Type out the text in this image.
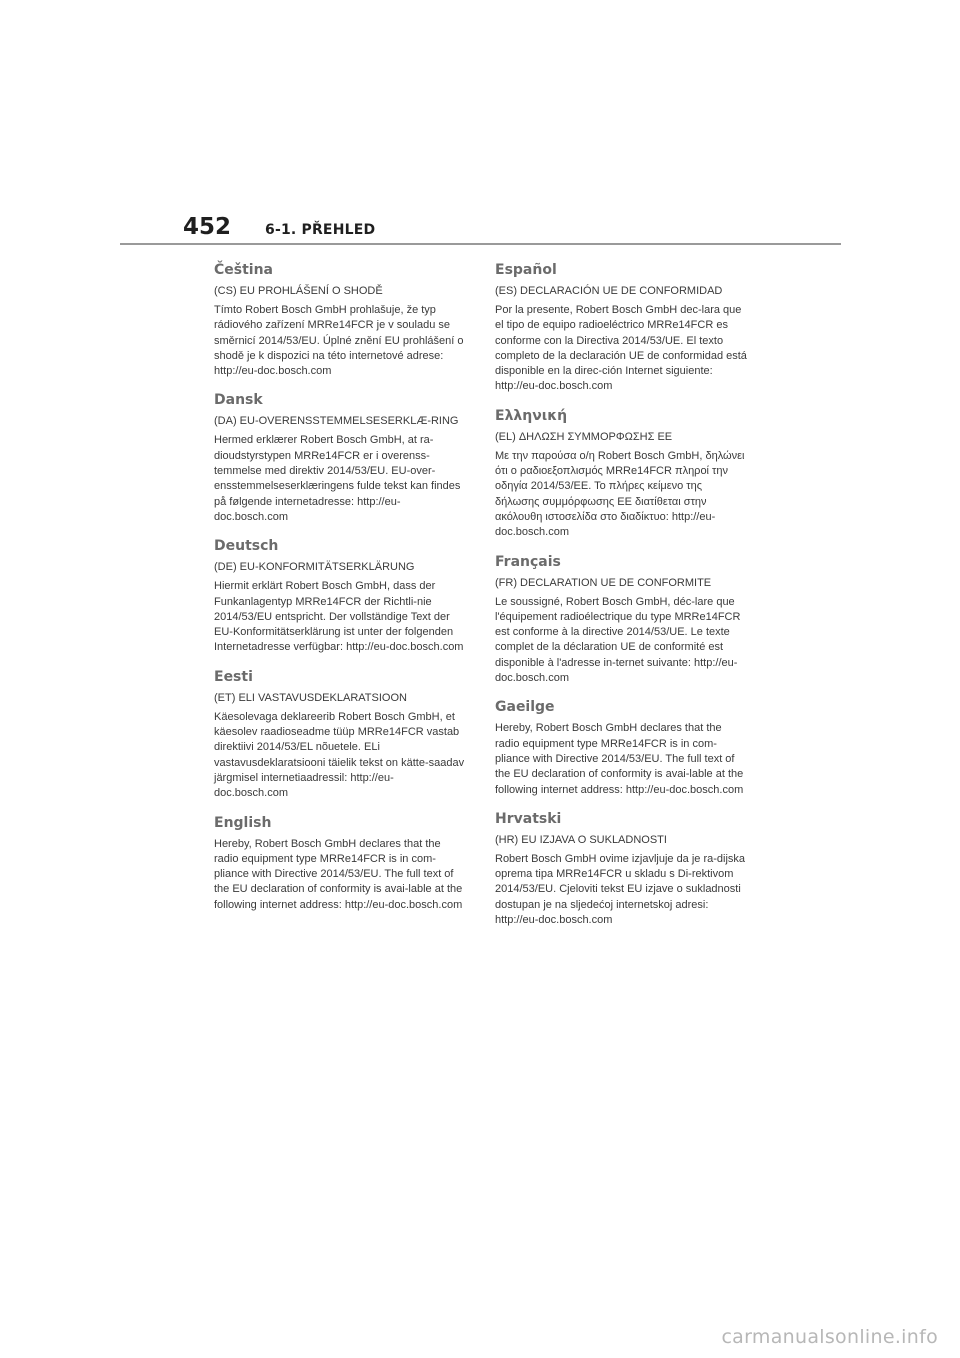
452	6-1. PŘEHLED
Čeština

(CS) EU PROHLÁŠENÍ O SHODĚ

Tímto Robert Bosch GmbH prohlašuje, že typ rádiového zařízení MRRe14FCR je v souladu se směrnicí 2014/53/EU. Úplné znění EU prohlášení o shodě je k dispozici na této internetové adrese: http://eu-doc.bosch.com

Dansk

(DA) EU-OVERENSSTEMMELSESERKLÆ-RING

Hermed erklærer Robert Bosch GmbH, at ra-dioudstyrstypen MRRe14FCR er i overenss-temmelse med direktiv 2014/53/EU. EU-over-ensstemmelseserklæringens fulde tekst kan findes på følgende internetadresse: http://eu-doc.bosch.com

Deutsch

(DE) EU-KONFORMITÄTSERKLÄRUNG

Hiermit erklärt Robert Bosch GmbH, dass der Funkanlagentyp MRRe14FCR der Richtli-nie 2014/53/EU entspricht. Der vollständige Text der EU-Konformitätserklärung ist unter der folgenden Internetadresse verfügbar: http://eu-doc.bosch.com

Eesti

(ET) ELI VASTAVUSDEKLARATSIOON

Käesolevaga deklareerib Robert Bosch GmbH, et käesolev raadioseadme tüüp MRRe14FCR vastab direktiivi 2014/53/EL nõuetele. ELi vastavusdeklaratsiooni täielik tekst on kätte-saadav järgmisel internetiaadressil: http://eu-doc.bosch.com

English

Hereby, Robert Bosch GmbH declares that the radio equipment type MRRe14FCR is in com-pliance with Directive 2014/53/EU. The full text of the EU declaration of conformity is avai-lable at the following internet address: http://eu-doc.bosch.com

Español

(ES) DECLARACIÓN UE DE CONFORMIDAD

Por la presente, Robert Bosch GmbH dec-lara que el tipo de equipo radioeléctrico MRRe14FCR es conforme con la Directiva 2014/53/UE. El texto completo de la declaración UE de conformidad está disponible en la direc-ción Internet siguiente: http://eu-doc.bosch.com

Ελληνική

(EL) ΔΗΛΩΣΗ ΣΥΜΜΟΡΦΩΣΗΣ ΕΕ

Με την παρούσα ο/η Robert Bosch GmbH, δηλώνει ότι ο ραδιοεξοπλισμός MRRe14FCR πληροί την οδηγία 2014/53/ΕΕ. Το πλήρες κείμενο της δήλωσης συμμόρφωσης ΕΕ διατίθεται στην ακόλουθη ιστοσελίδα στο διαδίκτυο: http://eu-doc.bosch.com

Français

(FR) DECLARATION UE DE CONFORMITE

Le soussigné, Robert Bosch GmbH, déc-lare que l'équipement radioélectrique du type MRRe14FCR est conforme à la directive 2014/53/UE. Le texte complet de la déclaration UE de conformité est disponible à l'adresse in-ternet suivante: http://eu-doc.bosch.com

Gaeilge

Hereby, Robert Bosch GmbH declares that the radio equipment type MRRe14FCR is in com-pliance with Directive 2014/53/EU. The full text of the EU declaration of conformity is avai-lable at the following internet address: http://eu-doc.bosch.com

Hrvatski

(HR) EU IZJAVA O SUKLADNOSTI

Robert Bosch GmbH ovime izjavljuje da je ra-dijska oprema tipa MRRe14FCR u skladu s Di-rektivom 2014/53/EU. Cjeloviti tekst EU izjave o sukladnosti dostupan je na sljedećoj internetskoj adresi: http://eu-doc.bosch.com

carmanualsonline.info
